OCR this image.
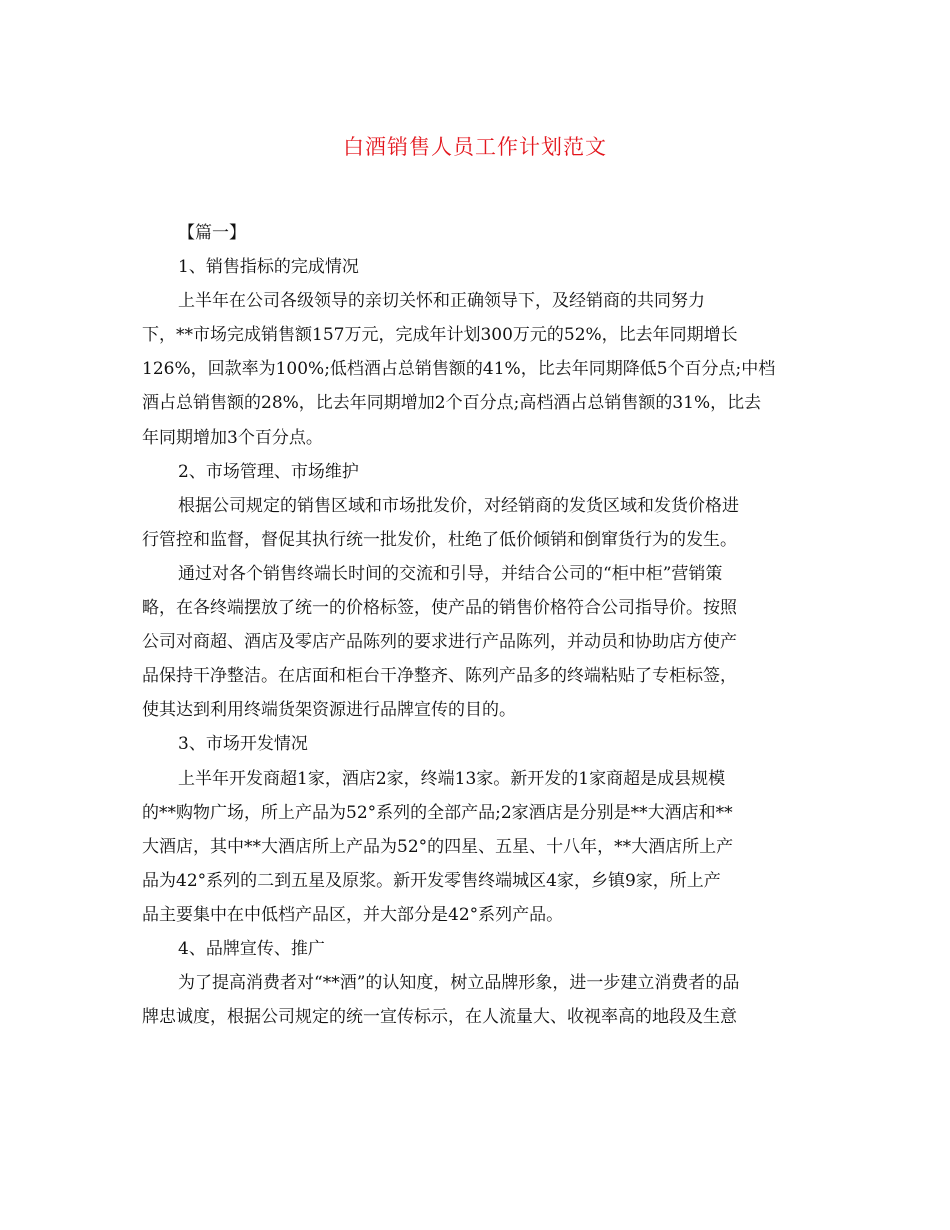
白酒销售人员工作计划范文
【篇一】
1、销售指标的完成情况
上半年在公司各级领导的亲切关怀和正确领导下，及经销商的共同努力
下，**市场完成销售额157万元，完成年计划300万元的52%，比去年同期增长
126%，回款率为100%;低档酒占总销售额的41%，比去年同期降低5个百分点;中档
酒占总销售额的28%，比去年同期增加2个百分点;高档酒占总销售额的31%，比去
年同期增加3个百分点。
2、市场管理、市场维护
根据公司规定的销售区域和市场批发价，对经销商的发货区域和发货价格进
行管控和监督，督促其执行统一批发价，杜绝了低价倾销和倒窜货行为的发生。
通过对各个销售终端长时间的交流和引导，并结合公司的“柜中柜”营销策
略，在各终端摆放了统一的价格标签，使产品的销售价格符合公司指导价。按照
公司对商超、酒店及零店产品陈列的要求进行产品陈列，并动员和协助店方使产
品保持干净整洁。在店面和柜台干净整齐、陈列产品多的终端粘贴了专柜标签，
使其达到利用终端货架资源进行品牌宣传的目的。
3、市场开发情况
上半年开发商超1家，酒店2家，终端13家。新开发的1家商超是成县规模
的**购物广场，所上产品为52°系列的全部产品;2家酒店是分别是**大酒店和**
大酒店，其中**大酒店所上产品为52°的四星、五星、十八年，**大酒店所上产
品为42°系列的二到五星及原浆。新开发零售终端城区4家，乡镇9家，所上产
品主要集中在中低档产品区，并大部分是42°系列产品。
4、品牌宣传、推广
为了提高消费者对“**酒”的认知度，树立品牌形象，进一步建立消费者的品
牌忠诚度，根据公司规定的统一宣传标示，在人流量大、收视率高的地段及生意
